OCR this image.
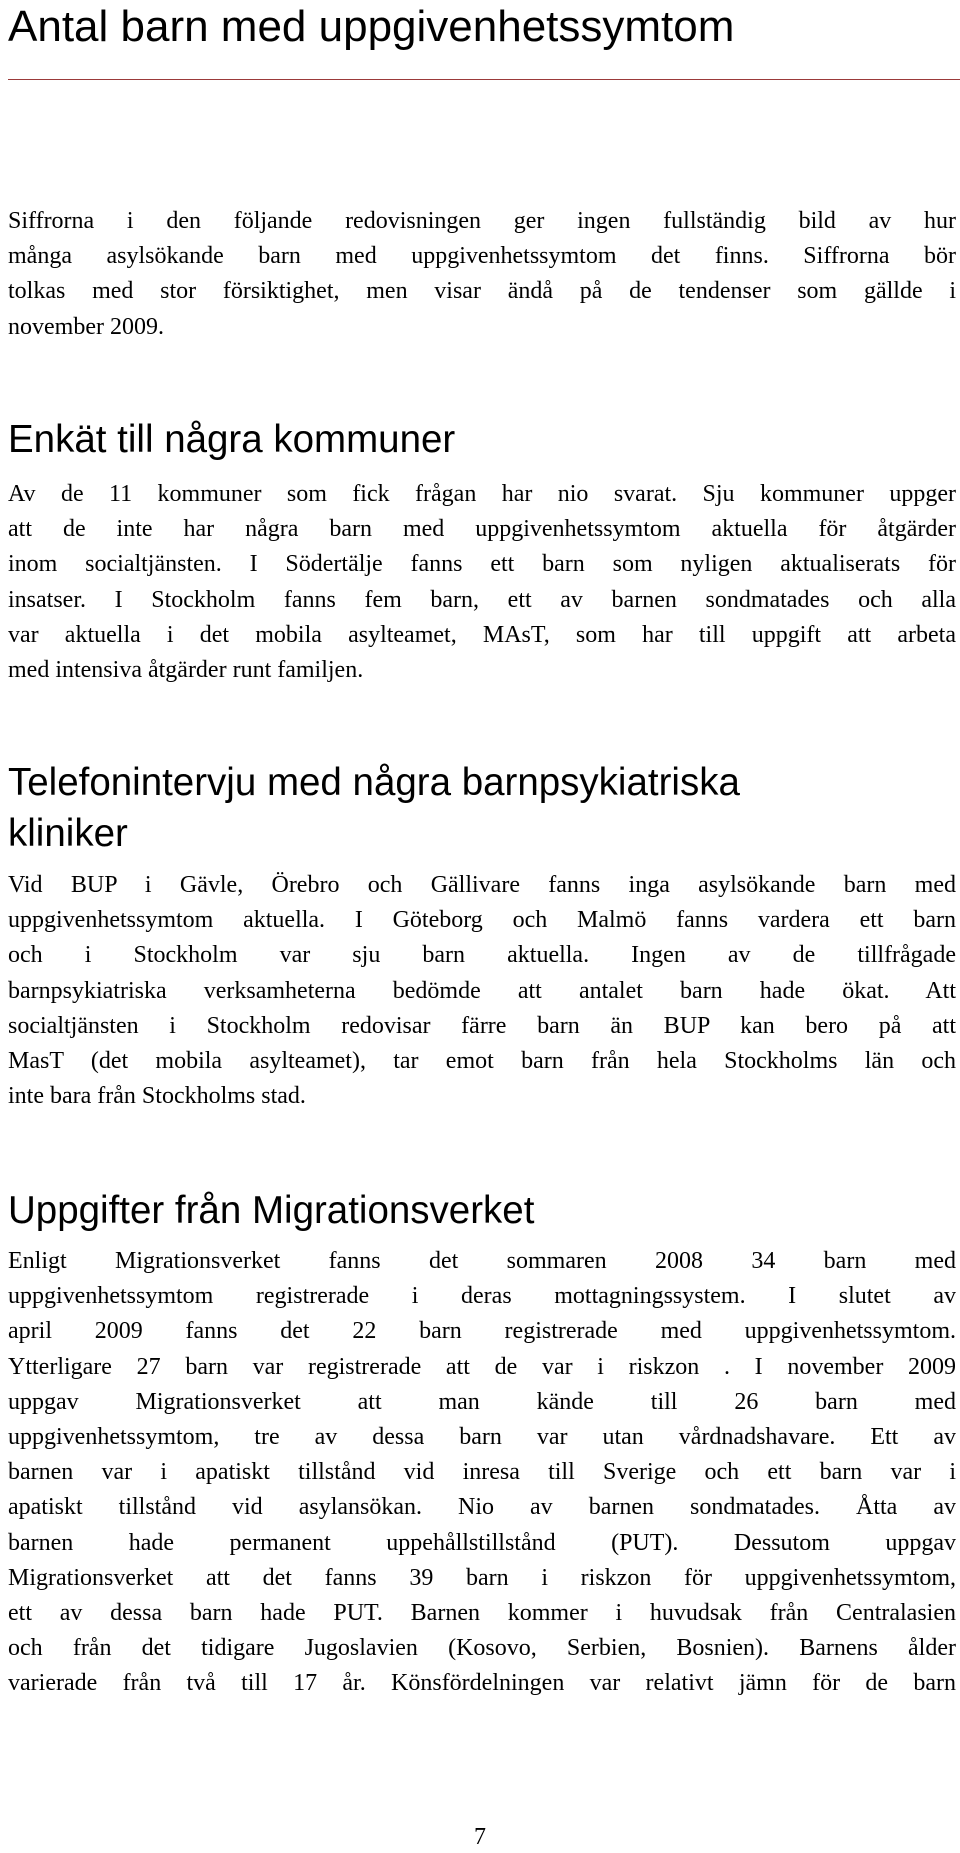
Antal barn med uppgivenhetssymtom

Siffrorna i den följande redovisningen ger ingen fullständig bild av hur
många asylsökande barn med uppgivenhetssymtom det finns. Siffrorna bör
tolkas med stor försiktighet, men visar ändå på de tendenser som gällde i
november 2009.

Enkät till några kommuner

Av de 11 kommuner som fick frågan har nio svarat. Sju kommuner uppger
att de inte har några barn med uppgivenhetssymtom aktuella för åtgärder
inom socialtjänsten. I Södertälje fanns ett barn som nyligen aktualiserats för
insatser. I Stockholm fanns fem barn, ett av barnen sondmatades och alla
var aktuella i det mobila asylteamet, MAsT, som har till uppgift att arbeta
med intensiva åtgärder runt familjen.

Telefonintervju med några barnpsykiatriska
kliniker

Vid BUP i Gävle, Örebro och Gällivare fanns inga asylsökande barn med
uppgivenhetssymtom aktuella. I Göteborg och Malmö fanns vardera ett barn
och i Stockholm var sju barn aktuella. Ingen av de tillfrågade
barnpsykiatriska verksamheterna bedömde att antalet barn hade ökat. Att
socialtjänsten i Stockholm redovisar färre barn än BUP kan bero på att
MasT (det mobila asylteamet), tar emot barn från hela Stockholms län och
inte bara från Stockholms stad.

Uppgifter från Migrationsverket

Enligt Migrationsverket fanns det sommaren 2008 34 barn med
uppgivenhetssymtom registrerade i deras mottagningssystem. I slutet av
april 2009 fanns det 22 barn registrerade med uppgivenhetssymtom.
Ytterligare 27 barn var registrerade att de var i riskzon . I november 2009
uppgav Migrationsverket att man kände till 26 barn med
uppgivenhetssymtom, tre av dessa barn var utan vårdnadshavare. Ett av
barnen var i apatiskt tillstånd vid inresa till Sverige och ett barn var i
apatiskt tillstånd vid asylansökan. Nio av barnen sondmatades. Åtta av
barnen hade permanent uppehållstillstånd (PUT). Dessutom uppgav
Migrationsverket att det fanns 39 barn i riskzon för uppgivenhetssymtom,
ett av dessa barn hade PUT. Barnen kommer i huvudsak från Centralasien
och från det tidigare Jugoslavien (Kosovo, Serbien, Bosnien). Barnens ålder
varierade från två till 17 år. Könsfördelningen var relativt jämn för de barn

7
